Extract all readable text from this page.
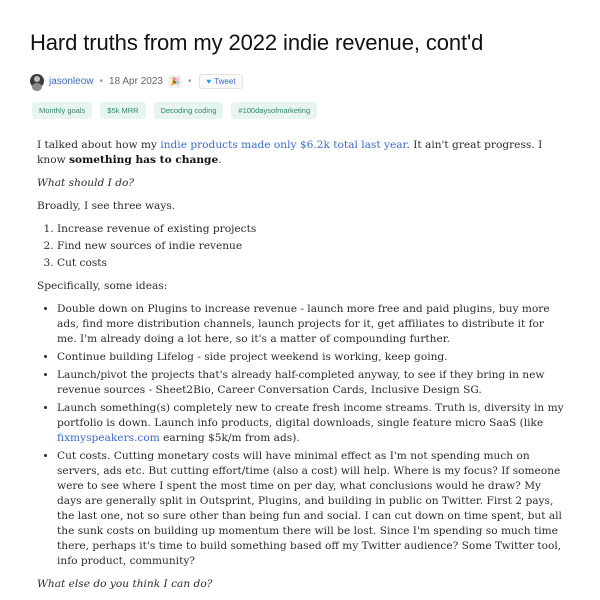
Hard truths from my 2022 indie revenue, cont'd
jasonleow • 18 Apr 2023 🎉 • ♥ Tweet
Monthly goals	$5k MRR	Decoding coding	#100daysofmarketing

I talked about how my indie products made only $6.2k total last year. It ain't great progress. I know something has to change.

What should I do?

Broadly, I see three ways.

1. Increase revenue of existing projects
2. Find new sources of indie revenue
3. Cut costs

Specifically, some ideas:

• Double down on Plugins to increase revenue - launch more free and paid plugins, buy more ads, find more distribution channels, launch projects for it, get affiliates to distribute it for me. I'm already doing a lot here, so it's a matter of compounding further.
• Continue building Lifelog - side project weekend is working, keep going.
• Launch/pivot the projects that's already half-completed anyway, to see if they bring in new revenue sources - Sheet2Bio, Career Conversation Cards, Inclusive Design SG.
• Launch something(s) completely new to create fresh income streams. Truth is, diversity in my portfolio is down. Launch info products, digital downloads, single feature micro SaaS (like fixmyspeakers.com earning $5k/m from ads).
• Cut costs. Cutting monetary costs will have minimal effect as I'm not spending much on servers, ads etc. But cutting effort/time (also a cost) will help. Where is my focus? If someone were to see where I spent the most time on per day, what conclusions would he draw? My days are generally split in Outsprint, Plugins, and building in public on Twitter. First 2 pays, the last one, not so sure other than being fun and social. I can cut down on time spent, but all the sunk costs on building up momentum there will be lost. Since I'm spending so much time there, perhaps it's time to build something based off my Twitter audience? Some Twitter tool, info product, community?

What else do you think I can do?
